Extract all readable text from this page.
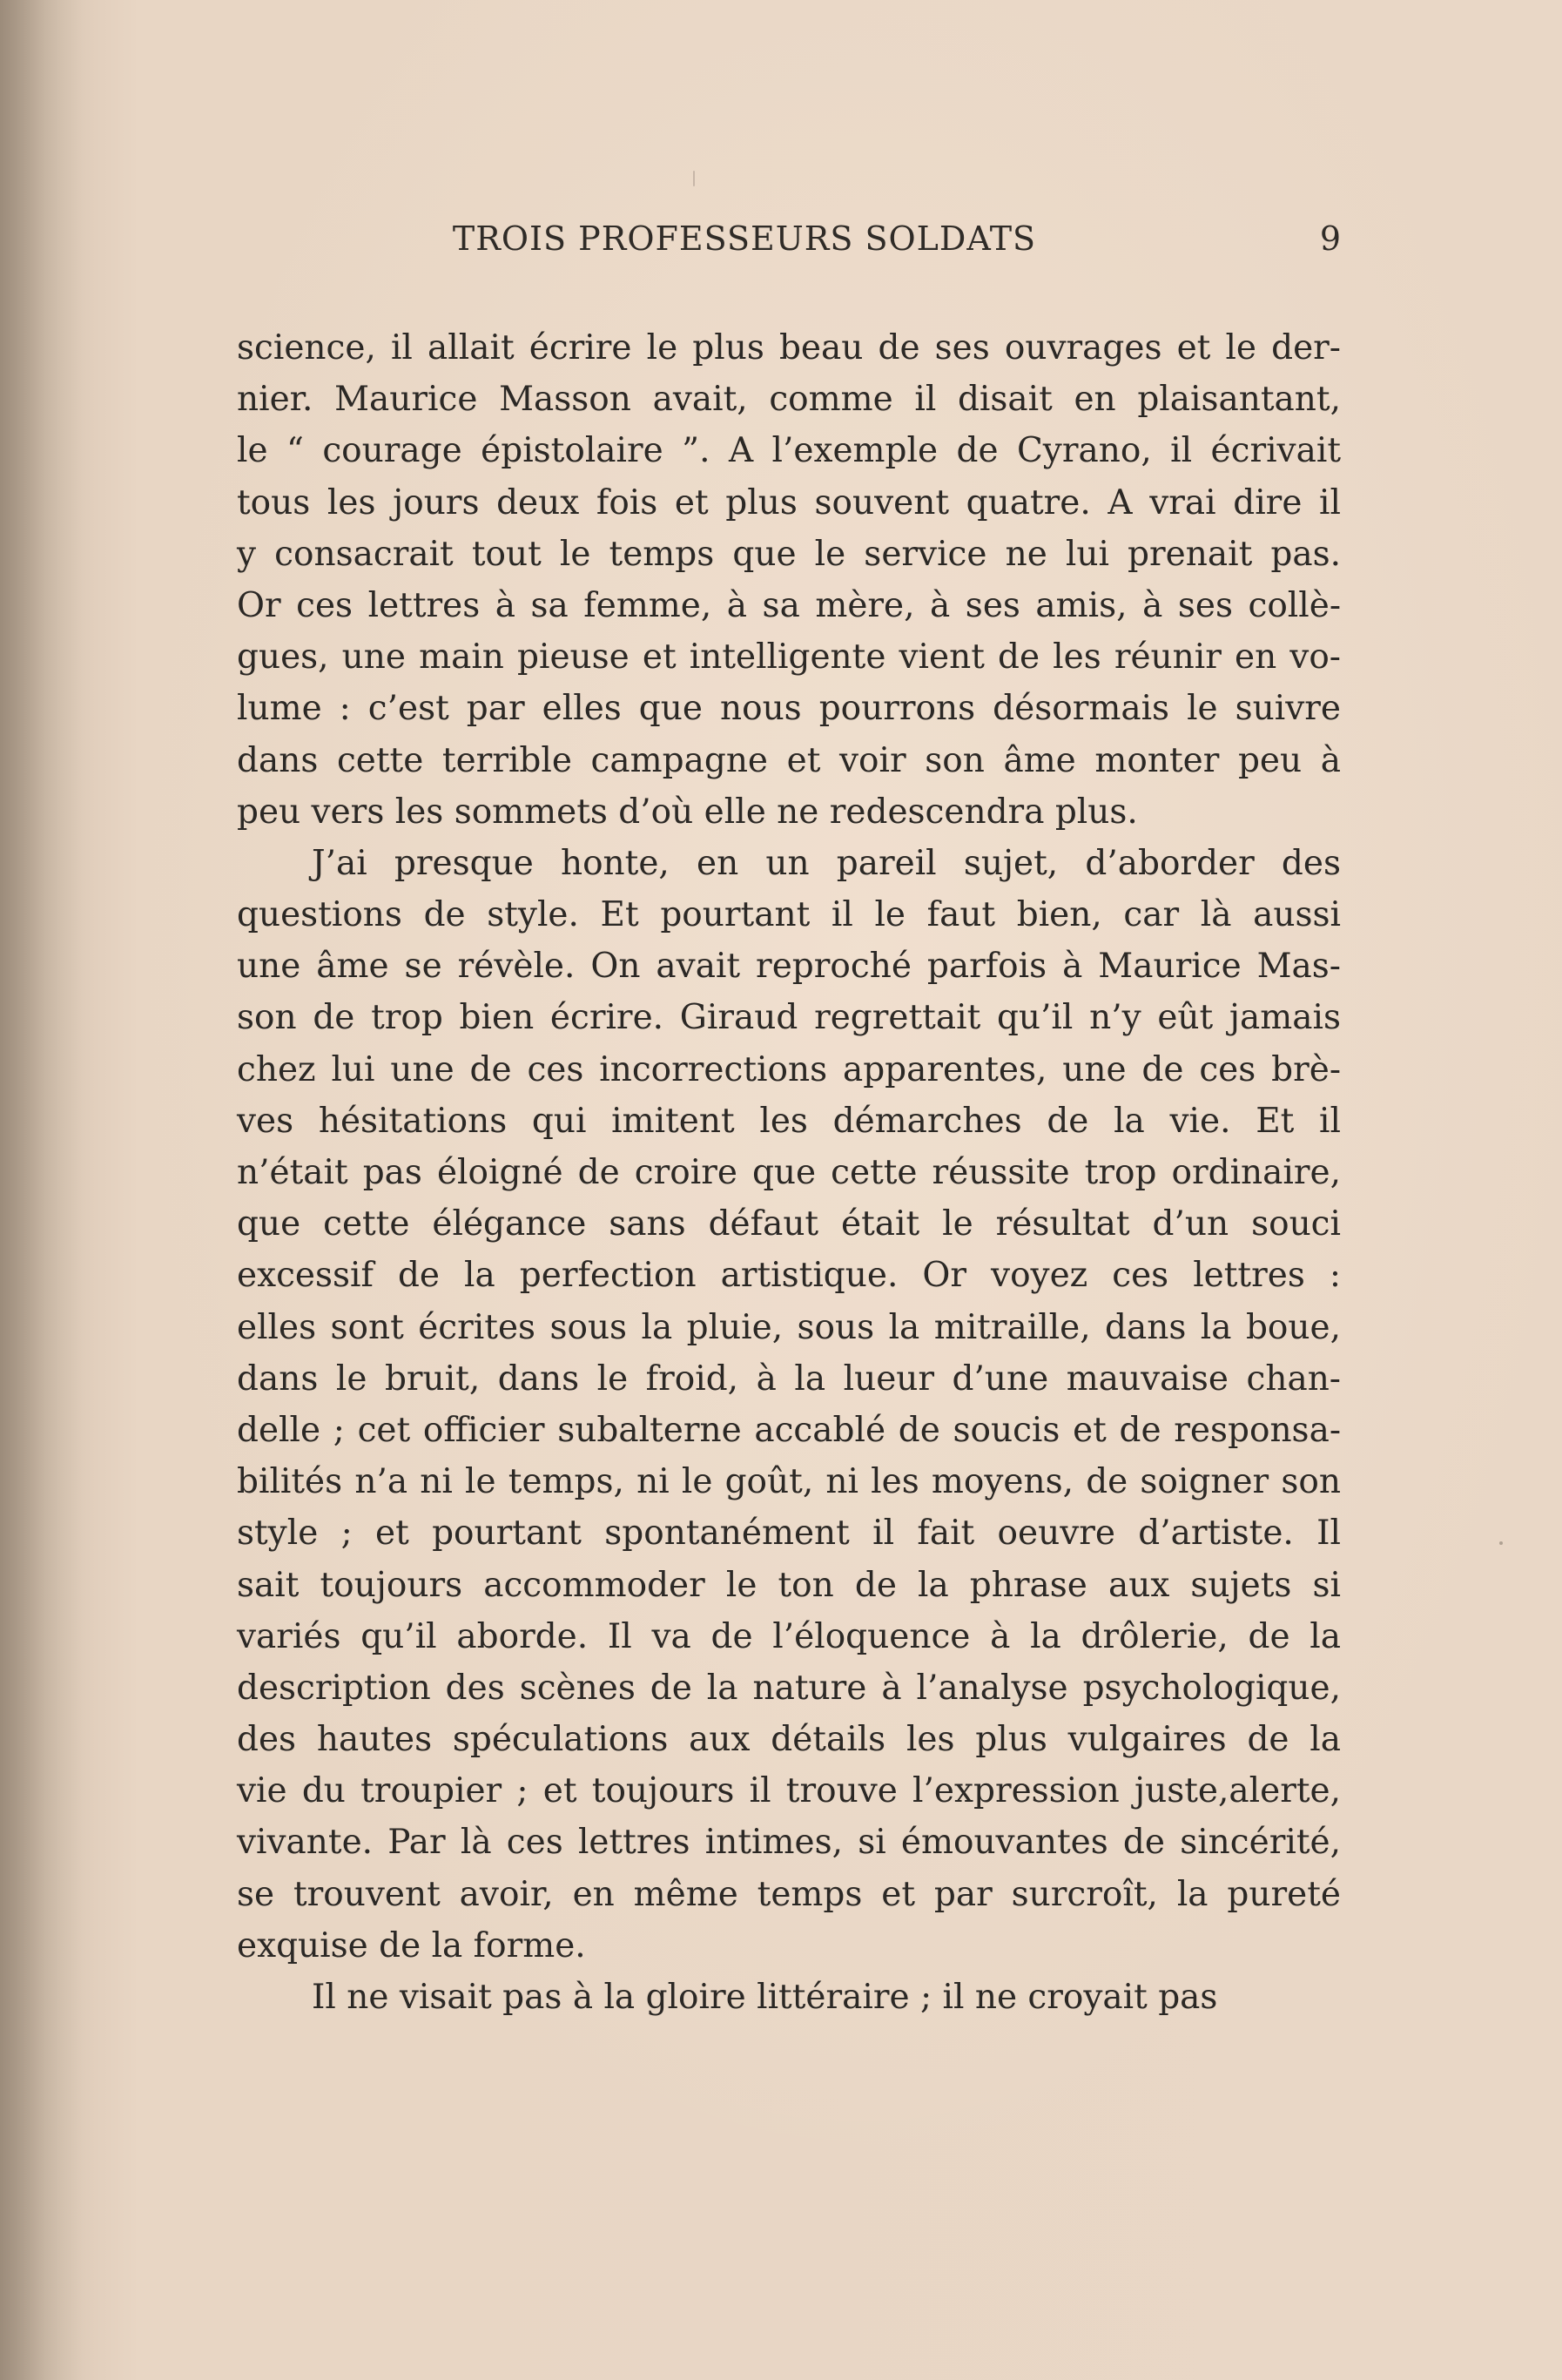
TROIS PROFESSEURS SOLDATS	9
science, il allait écrire le plus beau de ses ouvrages et le der-
nier. Maurice Masson avait, comme il disait en plaisantant,
le “ courage épistolaire ”. A l’exemple de Cyrano, il écrivait
tous les jours deux fois et plus souvent quatre. A vrai dire il
y consacrait tout le temps que le service ne lui prenait pas.
Or ces lettres à sa femme, à sa mère, à ses amis, à ses collè-
gues, une main pieuse et intelligente vient de les réunir en vo-
lume : c’est par elles que nous pourrons désormais le suivre
dans cette terrible campagne et voir son âme monter peu à
peu vers les sommets d’où elle ne redescendra plus.
J’ai presque honte, en un pareil sujet, d’aborder des
questions de style. Et pourtant il le faut bien, car là aussi
une âme se révèle. On avait reproché parfois à Maurice Mas-
son de trop bien écrire. Giraud regrettait qu’il n’y eût jamais
chez lui une de ces incorrections apparentes, une de ces brè-
ves hésitations qui imitent les démarches de la vie. Et il
n’était pas éloigné de croire que cette réussite trop ordinaire,
que cette élégance sans défaut était le résultat d’un souci
excessif de la perfection artistique. Or voyez ces lettres :
elles sont écrites sous la pluie, sous la mitraille, dans la boue,
dans le bruit, dans le froid, à la lueur d’une mauvaise chan-
delle ; cet officier subalterne accablé de soucis et de responsa-
bilités n’a ni le temps, ni le goût, ni les moyens, de soigner son
style ; et pourtant spontanément il fait oeuvre d’artiste. Il
sait toujours accommoder le ton de la phrase aux sujets si
variés qu’il aborde. Il va de l’éloquence à la drôlerie, de la
description des scènes de la nature à l’analyse psychologique,
des hautes spéculations aux détails les plus vulgaires de la
vie du troupier ; et toujours il trouve l’expression juste,alerte,
vivante. Par là ces lettres intimes, si émouvantes de sincérité,
se trouvent avoir, en même temps et par surcroît, la pureté
exquise de la forme.
Il ne visait pas à la gloire littéraire ; il ne croyait pas
